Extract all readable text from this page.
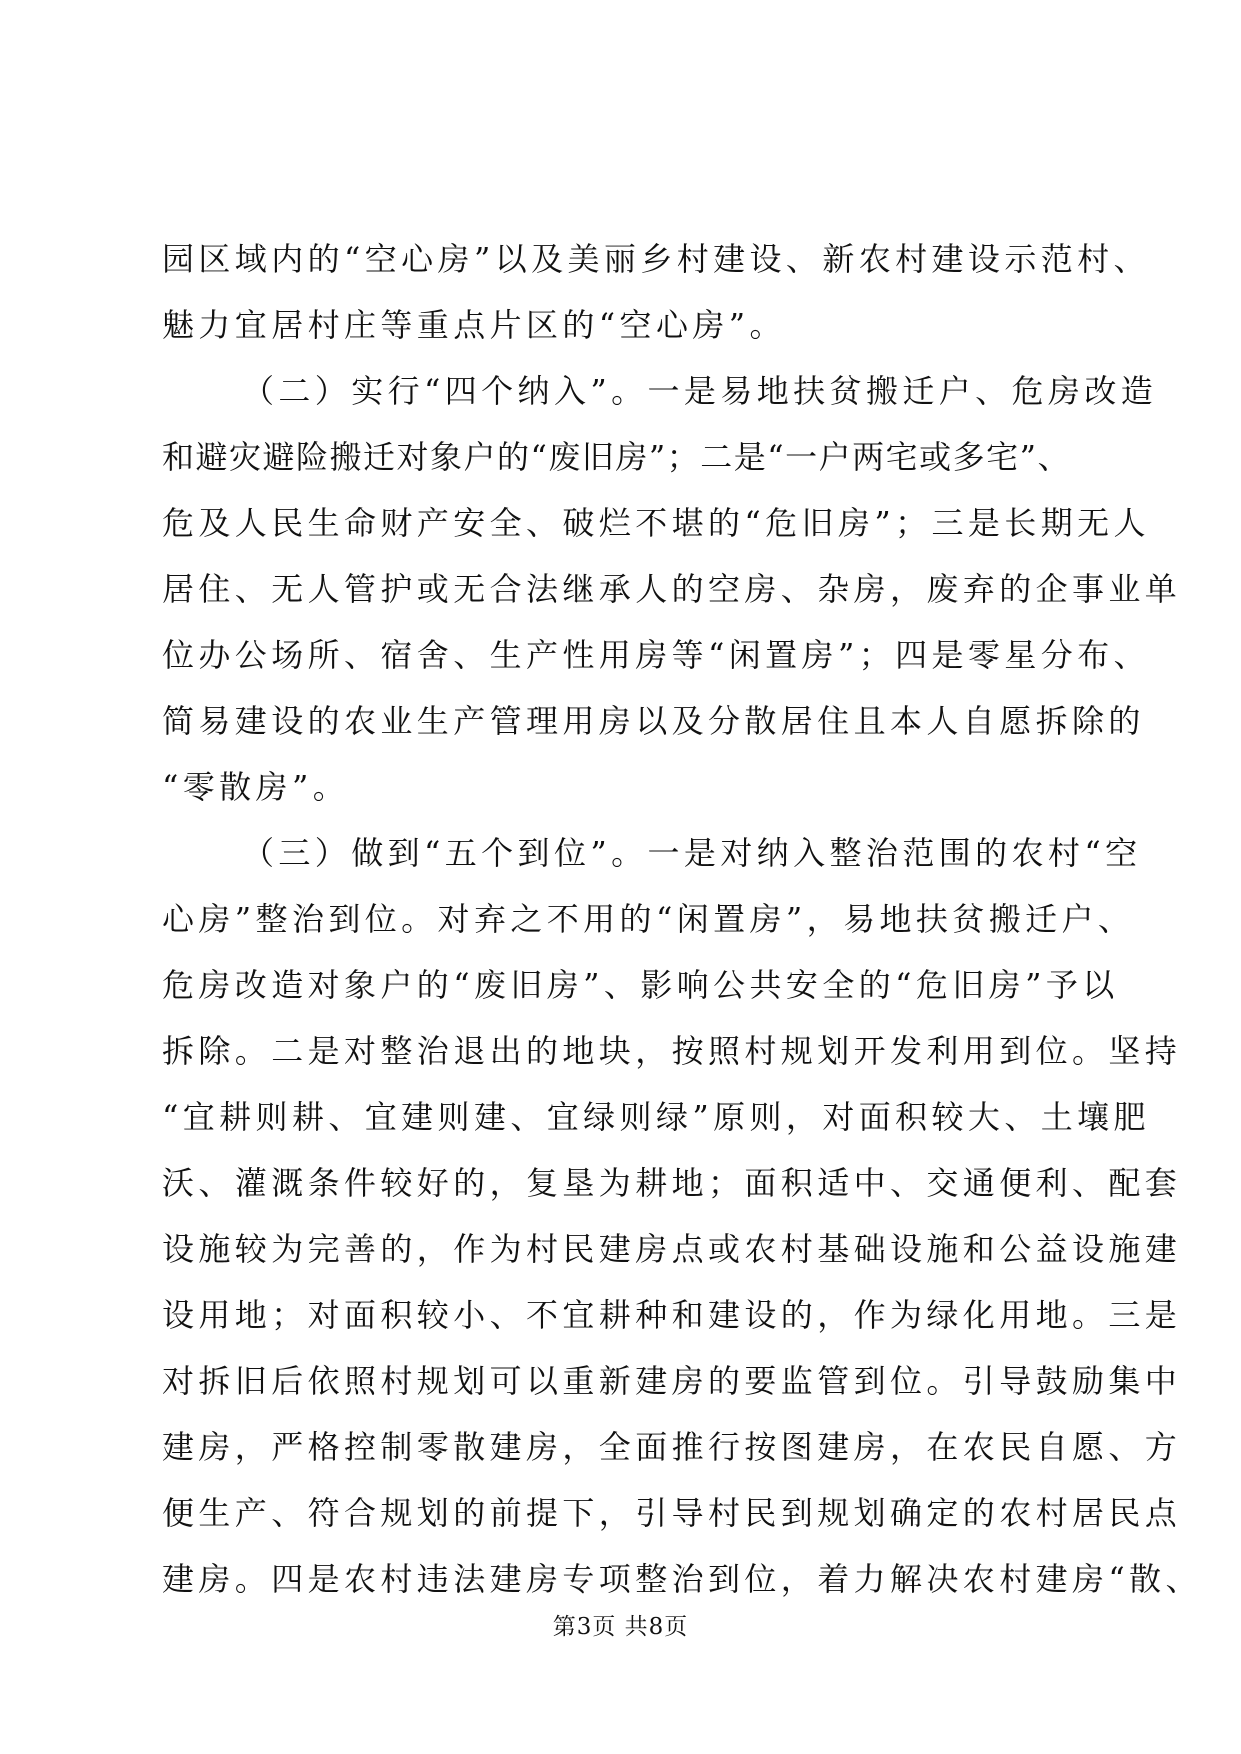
园区域内的“空心房”以及美丽乡村建设、新农村建设示范村、
魅力宜居村庄等重点片区的“空心房”。
（二）实行“四个纳入”。一是易地扶贫搬迁户、危房改造
和避灾避险搬迁对象户的“废旧房”；二是“一户两宅或多宅”、
危及人民生命财产安全、破烂不堪的“危旧房”；三是长期无人
居住、无人管护或无合法继承人的空房、杂房，废弃的企事业单
位办公场所、宿舍、生产性用房等“闲置房”；四是零星分布、
简易建设的农业生产管理用房以及分散居住且本人自愿拆除的
“零散房”。
（三）做到“五个到位”。一是对纳入整治范围的农村“空
心房”整治到位。对弃之不用的“闲置房”，易地扶贫搬迁户、
危房改造对象户的“废旧房”、影响公共安全的“危旧房”予以
拆除。二是对整治退出的地块，按照村规划开发利用到位。坚持
“宜耕则耕、宜建则建、宜绿则绿”原则，对面积较大、土壤肥
沃、灌溉条件较好的，复垦为耕地；面积适中、交通便利、配套
设施较为完善的，作为村民建房点或农村基础设施和公益设施建
设用地；对面积较小、不宜耕种和建设的，作为绿化用地。三是
对拆旧后依照村规划可以重新建房的要监管到位。引导鼓励集中
建房，严格控制零散建房，全面推行按图建房，在农民自愿、方
便生产、符合规划的前提下，引导村民到规划确定的农村居民点
建房。四是农村违法建房专项整治到位，着力解决农村建房“散、
第3页 共8页
